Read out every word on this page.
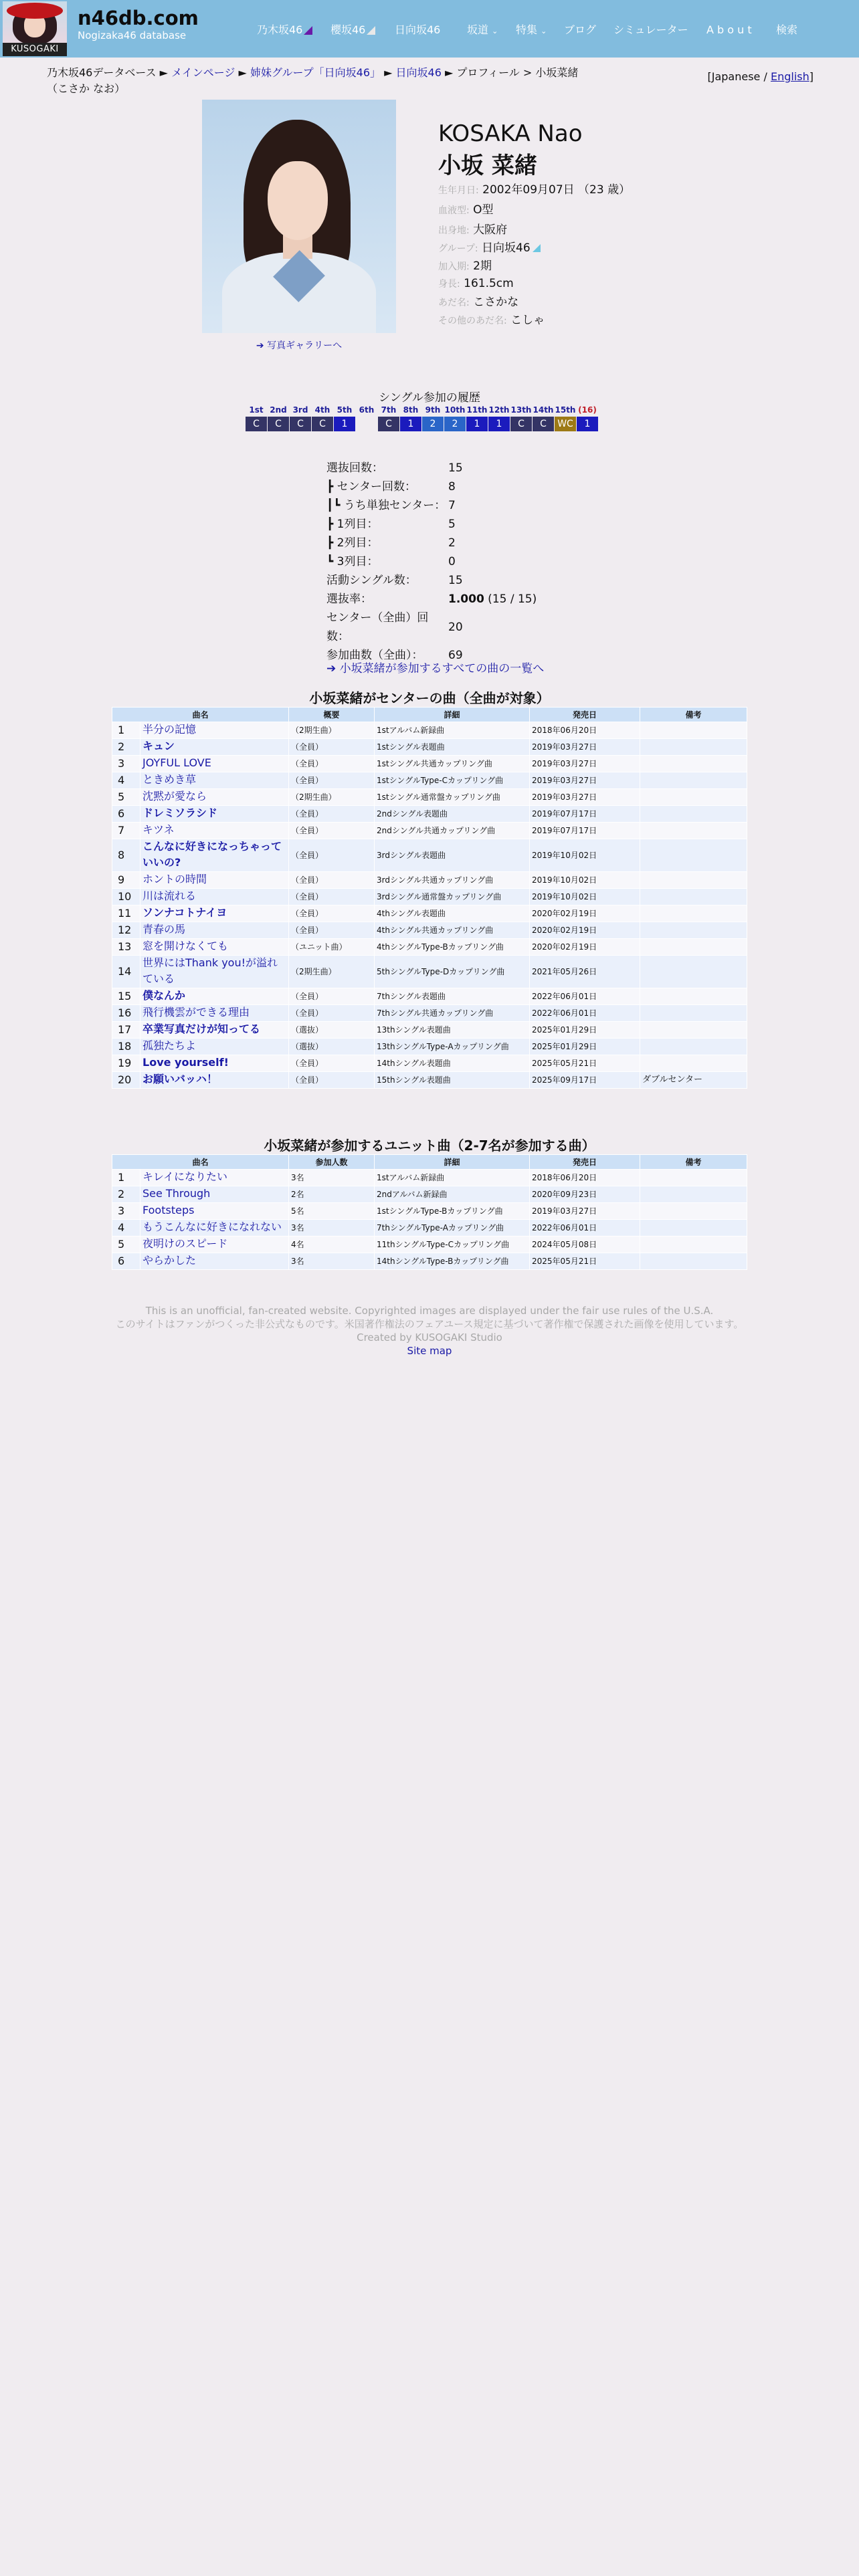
KUSOGAKI
n46db.com
Nogizaka46 database	乃木坂46	櫻坂46	日向坂46 坂道 ⌄ 特集 ⌄ ブログ シミュレーター A b o u t 検索
乃木坂46データベース ► メインページ ► 姉妹グループ「日向坂46」 ► 日向坂46 ► プロフィール > 小坂菜緒
（こさか なお）
[Japanese / English]
➔ 写真ギャラリーへ
KOSAKA Nao
小坂 菜緒
生年月日: 2002年09月07日 （23 歳）
血液型: O型
出身地: 大阪府
グループ: 日向坂46
加入期: 2期
身長: 161.5cm
あだ名: こさかな
その他のあだ名: こしゃ
シングル参加の履歴
1st	2nd	3rd	4th	5th	6th	7th	8th	9th	10th	11th	12th	13th	14th	15th	(16)
C	C	C	C	1		C	1	2	2	1	1	C	C	WC	1
選抜回数：	15
┣ センター回数：	8
┃┗ うち単独センター：	7
┣ 1列目：	5
┣ 2列目：	2
┗ 3列目：	0
活動シングル数：	15
選抜率：	1.000 (15 / 15)
センター（全曲）回数：	20
参加曲数（全曲）：	69
➔ 小坂菜緒が参加するすべての曲の一覧へ
小坂菜緒がセンターの曲（全曲が対象）
曲名		概要	詳細	発売日	備考
1	半分の記憶	（2期生曲）	1stアルバム新録曲	2018年06月20日	
2	キュン	（全員）	1stシングル表題曲	2019年03月27日	
3	JOYFUL LOVE	（全員）	1stシングル共通カップリング曲	2019年03月27日	
4	ときめき草	（全員）	1stシングルType-Cカップリング曲	2019年03月27日	
5	沈黙が愛なら	（2期生曲）	1stシングル通常盤カップリング曲	2019年03月27日	
6	ドレミソラシド	（全員）	2ndシングル表題曲	2019年07月17日	
7	キツネ	（全員）	2ndシングル共通カップリング曲	2019年07月17日	
8	こんなに好きになっちゃっていいの?	（全員）	3rdシングル表題曲	2019年10月02日	
9	ホントの時間	（全員）	3rdシングル共通カップリング曲	2019年10月02日	
10	川は流れる	（全員）	3rdシングル通常盤カップリング曲	2019年10月02日	
11	ソンナコトナイヨ	（全員）	4thシングル表題曲	2020年02月19日	
12	青春の馬	（全員）	4thシングル共通カップリング曲	2020年02月19日	
13	窓を開けなくても	（ユニット曲）	4thシングルType-Bカップリング曲	2020年02月19日	
14	世界にはThank you!が溢れている	（2期生曲）	5thシングルType-Dカップリング曲	2021年05月26日	
15	僕なんか	（全員）	7thシングル表題曲	2022年06月01日	
16	飛行機雲ができる理由	（全員）	7thシングル共通カップリング曲	2022年06月01日	
17	卒業写真だけが知ってる	（選抜）	13thシングル表題曲	2025年01月29日	
18	孤独たちよ	（選抜）	13thシングルType-Aカップリング曲	2025年01月29日	
19	Love yourself!	（全員）	14thシングル表題曲	2025年05月21日	
20	お願いバッハ！	（全員）	15thシングル表題曲	2025年09月17日	ダブルセンター
小坂菜緒が参加するユニット曲（2-7名が参加する曲）
曲名		参加人数	詳細	発売日	備考
1	キレイになりたい	3名	1stアルバム新録曲	2018年06月20日	
2	See Through	2名	2ndアルバム新録曲	2020年09月23日	
3	Footsteps	5名	1stシングルType-Bカップリング曲	2019年03月27日	
4	もうこんなに好きになれない	3名	7thシングルType-Aカップリング曲	2022年06月01日	
5	夜明けのスピード	4名	11thシングルType-Cカップリング曲	2024年05月08日	
6	やらかした	3名	14thシングルType-Bカップリング曲	2025年05月21日	
This is an unofficial, fan-created website. Copyrighted images are displayed under the fair use rules of the U.S.A.
このサイトはファンがつくった非公式なものです。米国著作権法のフェアユース規定に基づいて著作権で保護された画像を使用しています。
Created by KUSOGAKI Studio
Site map
